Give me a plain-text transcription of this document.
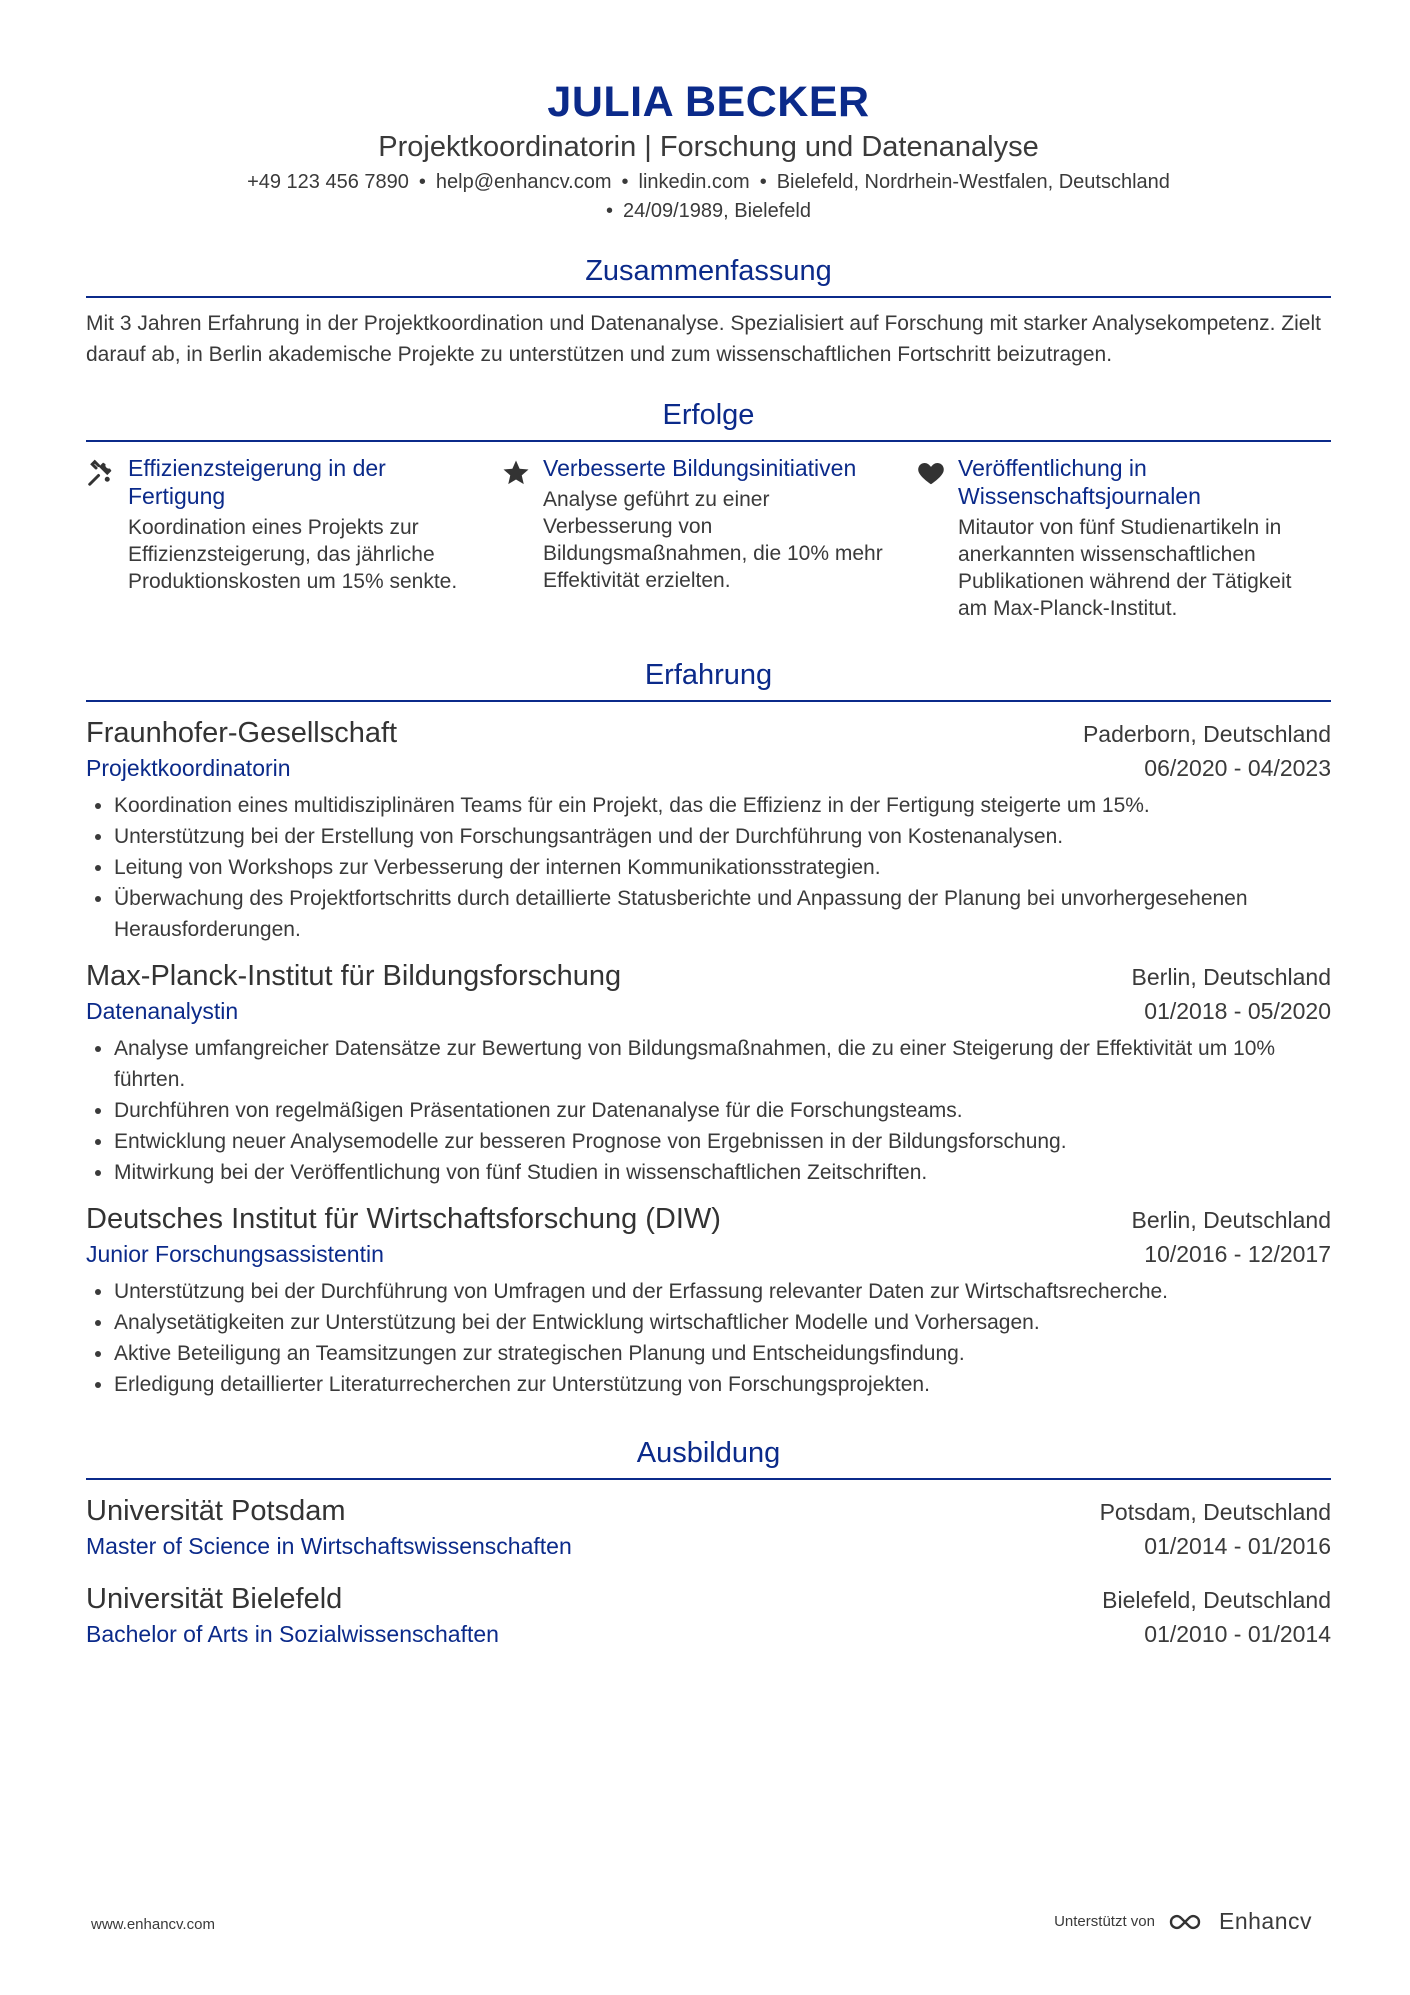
JULIA BECKER
Projektkoordinatorin | Forschung und Datenanalyse
+49 123 456 7890 • help@enhancv.com • linkedin.com • Bielefeld, Nordrhein-Westfalen, Deutschland
• 24/09/1989, Bielefeld
Zusammenfassung
Mit 3 Jahren Erfahrung in der Projektkoordination und Datenanalyse. Spezialisiert auf Forschung mit starker Analysekompetenz. Zielt darauf ab, in Berlin akademische Projekte zu unterstützen und zum wissenschaftlichen Fortschritt beizutragen.
Erfolge
Effizienzsteigerung in der Fertigung
Koordination eines Projekts zur Effizienzsteigerung, das jährliche Produktionskosten um 15% senkte.
Verbesserte Bildungsinitiativen
Analyse geführt zu einer Verbesserung von Bildungsmaßnahmen, die 10% mehr Effektivität erzielten.
Veröffentlichung in Wissenschaftsjournalen
Mitautor von fünf Studienartikeln in anerkannten wissenschaftlichen Publikationen während der Tätigkeit am Max-Planck-Institut.
Erfahrung
Fraunhofer-Gesellschaft	Paderborn, Deutschland
Projektkoordinatorin	06/2020 - 04/2023
• Koordination eines multidisziplinären Teams für ein Projekt, das die Effizienz in der Fertigung steigerte um 15%.
• Unterstützung bei der Erstellung von Forschungsanträgen und der Durchführung von Kostenanalysen.
• Leitung von Workshops zur Verbesserung der internen Kommunikationsstrategien.
• Überwachung des Projektfortschritts durch detaillierte Statusberichte und Anpassung der Planung bei unvorhergesehenen Herausforderungen.
Max-Planck-Institut für Bildungsforschung	Berlin, Deutschland
Datenanalystin	01/2018 - 05/2020
• Analyse umfangreicher Datensätze zur Bewertung von Bildungsmaßnahmen, die zu einer Steigerung der Effektivität um 10% führten.
• Durchführen von regelmäßigen Präsentationen zur Datenanalyse für die Forschungsteams.
• Entwicklung neuer Analysemodelle zur besseren Prognose von Ergebnissen in der Bildungsforschung.
• Mitwirkung bei der Veröffentlichung von fünf Studien in wissenschaftlichen Zeitschriften.
Deutsches Institut für Wirtschaftsforschung (DIW)	Berlin, Deutschland
Junior Forschungsassistentin	10/2016 - 12/2017
• Unterstützung bei der Durchführung von Umfragen und der Erfassung relevanter Daten zur Wirtschaftsrecherche.
• Analysetätigkeiten zur Unterstützung bei der Entwicklung wirtschaftlicher Modelle und Vorhersagen.
• Aktive Beteiligung an Teamsitzungen zur strategischen Planung und Entscheidungsfindung.
• Erledigung detaillierter Literaturrecherchen zur Unterstützung von Forschungsprojekten.
Ausbildung
Universität Potsdam	Potsdam, Deutschland
Master of Science in Wirtschaftswissenschaften	01/2014 - 01/2016
Universität Bielefeld	Bielefeld, Deutschland
Bachelor of Arts in Sozialwissenschaften	01/2010 - 01/2014
www.enhancv.com	Unterstützt von	Enhancv
